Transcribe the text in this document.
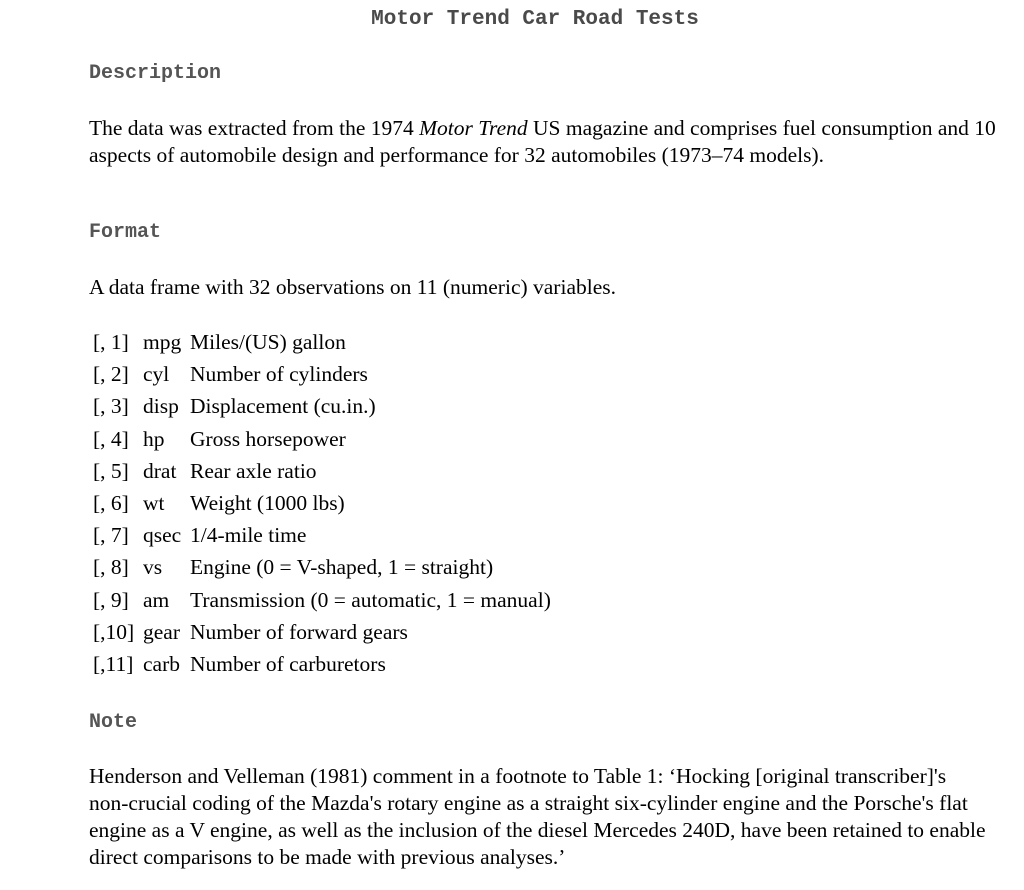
Motor Trend Car Road Tests
Description

The data was extracted from the 1974 Motor Trend US magazine and comprises fuel consumption and 10 aspects of automobile design and performance for 32 automobiles (1973–74 models).

Format

A data frame with 32 observations on 11 (numeric) variables.

[, 1] mpg Miles/(US) gallon
[, 2] cyl Number of cylinders
[, 3] disp Displacement (cu.in.)
[, 4] hp	Gross horsepower
[, 5] drat Rear axle ratio
[, 6] wt	Weight (1000 lbs)
[, 7] qsec 1/4-mile time
[, 8] vs	Engine (0 = V-shaped, 1 = straight)
[, 9] am Transmission (0 = automatic, 1 = manual)
[,10] gear Number of forward gears
[,11] carb Number of carburetors
Note

Henderson and Velleman (1981) comment in a footnote to Table 1: ‘Hocking [original transcriber]'s non-crucial coding of the Mazda's rotary engine as a straight six-cylinder engine and the Porsche's flat engine as a V engine, as well as the inclusion of the diesel Mercedes 240D, have been retained to enable direct comparisons to be made with previous analyses.’
